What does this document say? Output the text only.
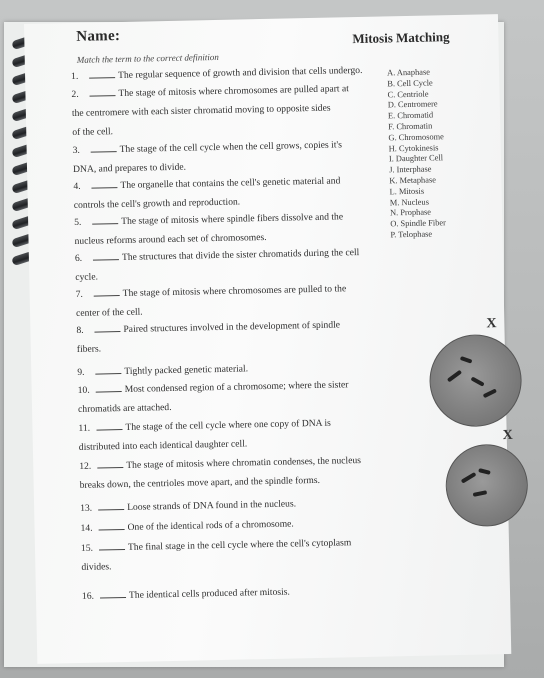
Name:	Mitosis Matching
Match the term to the correct definition
1.	The regular sequence of growth and division that cells undergo.
2.	The stage of mitosis where chromosomes are pulled apart at
the centromere with each sister chromatid moving to opposite sides
of the cell.
3.	The stage of the cell cycle when the cell grows, copies it's
DNA, and prepares to divide.
4.	The organelle that contains the cell's genetic material and
controls the cell's growth and reproduction.
5.	The stage of mitosis where spindle fibers dissolve and the
nucleus reforms around each set of chromosomes.
6.	The structures that divide the sister chromatids during the cell
cycle.
7.	The stage of mitosis where chromosomes are pulled to the
center of the cell.
8.	Paired structures involved in the development of spindle
fibers.
9.	Tightly packed genetic material.
10.	Most condensed region of a chromosome; where the sister
chromatids are attached.
11.	The stage of the cell cycle where one copy of DNA is
distributed into each identical daughter cell.
12.	The stage of mitosis where chromatin condenses, the nucleus
breaks down, the centrioles move apart, and the spindle forms.
13.	Loose strands of DNA found in the nucleus.
14.	One of the identical rods of a chromosome.
15.	The final stage in the cell cycle where the cell's cytoplasm
divides.
16.	The identical cells produced after mitosis.
A. Anaphase
B. Cell Cycle
C. Centriole
D. Centromere
E. Chromatid
F. Chromatin
G. Chromosome
H. Cytokinesis
I. Daughter Cell
J. Interphase
K. Metaphase
L. Mitosis
M. Nucleus
N. Prophase
O. Spindle Fiber
P. Telophase
X
X
